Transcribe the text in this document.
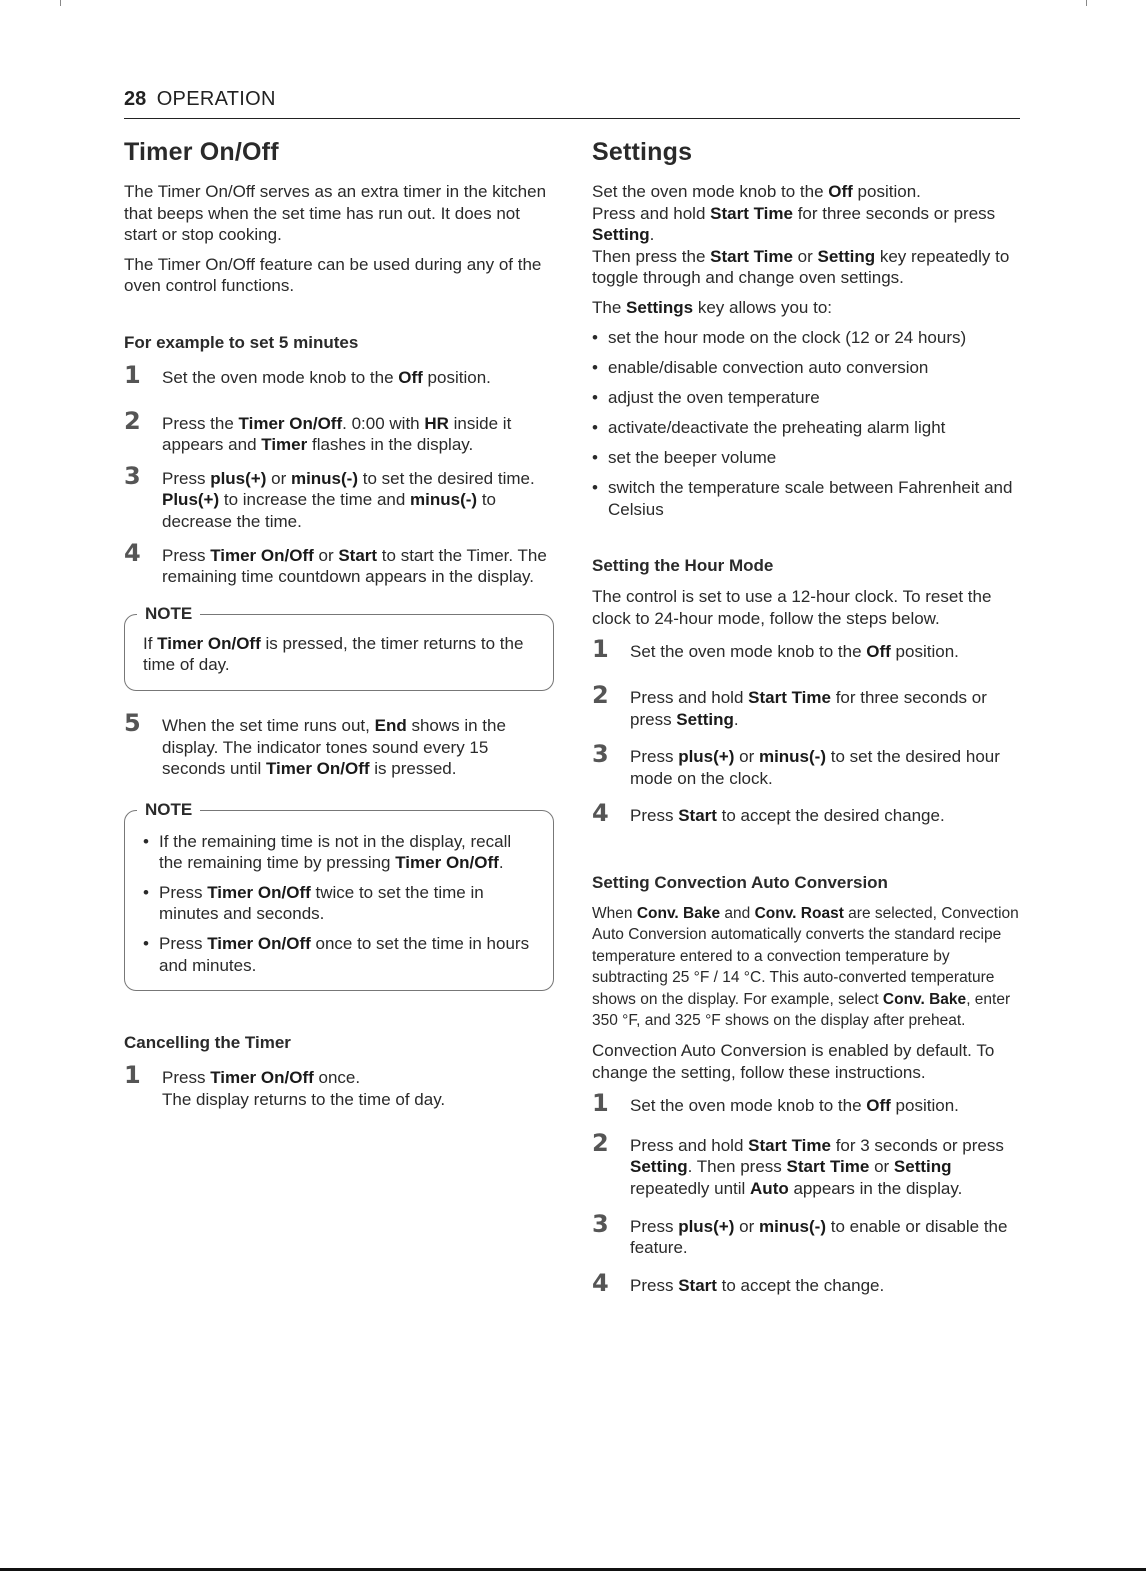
28 OPERATION
Timer On/Off

The Timer On/Off serves as an extra timer in the kitchen that beeps when the set time has run out. It does not start or stop cooking.

The Timer On/Off feature can be used during any of the oven control functions.

For example to set 5 minutes
1 Set the oven mode knob to the Off position.
2 Press the Timer On/Off. 0:00 with HR inside it appears and Timer flashes in the display.
3 Press plus(+) or minus(-) to set the desired time. Plus(+) to increase the time and minus(-) to decrease the time.
4 Press Timer On/Off or Start to start the Timer. The remaining time countdown appears in the display.
NOTE
If Timer On/Off is pressed, the timer returns to the time of day.
5 When the set time runs out, End shows in the display. The indicator tones sound every 15 seconds until Timer On/Off is pressed.
NOTE
• If the remaining time is not in the display, recall the remaining time by pressing Timer On/Off.
• Press Timer On/Off twice to set the time in minutes and seconds.
• Press Timer On/Off once to set the time in hours and minutes.
Cancelling the Timer
1 Press Timer On/Off once.
The display returns to the time of day.
Settings

Set the oven mode knob to the Off position.

Press and hold Start Time for three seconds or press Setting.

Then press the Start Time or Setting key repeatedly to toggle through and change oven settings.

The Settings key allows you to:

• set the hour mode on the clock (12 or 24 hours)
• enable/disable convection auto conversion
• adjust the oven temperature
• activate/deactivate the preheating alarm light
• set the beeper volume
• switch the temperature scale between Fahrenheit and Celsius
Setting the Hour Mode

The control is set to use a 12-hour clock. To reset the clock to 24-hour mode, follow the steps below.

1 Set the oven mode knob to the Off position.
2 Press and hold Start Time for three seconds or press Setting.
3 Press plus(+) or minus(-) to set the desired hour mode on the clock.
4 Press Start to accept the desired change.
Setting Convection Auto Conversion

When Conv. Bake and Conv. Roast are selected, Convection Auto Conversion automatically converts the standard recipe temperature entered to a convection temperature by subtracting 25 °F / 14 °C. This auto-converted temperature shows on the display. For example, select Conv. Bake, enter 350 °F, and 325 °F shows on the display after preheat.

Convection Auto Conversion is enabled by default. To change the setting, follow these instructions.

1 Set the oven mode knob to the Off position.
2 Press and hold Start Time for 3 seconds or press Setting. Then press Start Time or Setting repeatedly until Auto appears in the display.
3 Press plus(+) or minus(-) to enable or disable the feature.
4 Press Start to accept the change.
